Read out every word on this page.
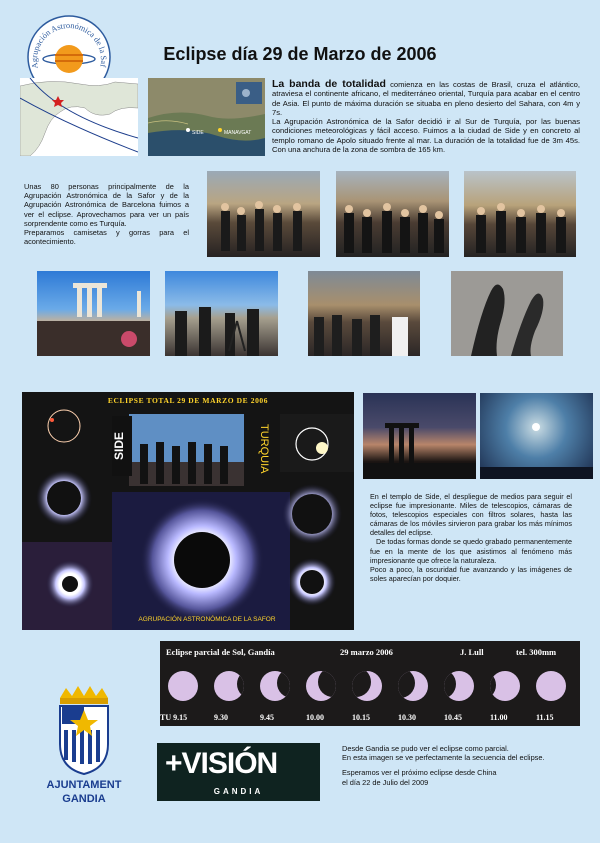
Agrupación Astronómica de la Saf
Eclipse día 29 de Marzo de 2006
SIDE	MANAVGAT
La banda de totalidad comienza en las costas de Brasil, cruza el atlántico, atraviesa el continente africano, el mediterráneo oriental, Turquía para acabar en el centro de Asia. El punto de máxima duración se situaba en pleno desierto del Sahara, con 4m y 7s.
La Agrupación Astronómica de la Safor decidió ir al Sur de Turquía, por las buenas condiciones meteorológicas y fácil acceso. Fuimos a la ciudad de Side y en concreto al templo romano de Apolo situado frente al mar. La duración de la totalidad fue de 3m 45s. Con una anchura de la zona de sombra de 165 km.
Unas 80 personas principalmente de la Agrupación Astronómica de la Safor y de la Agrupación Astronómica de Barcelona fuimos a ver el eclipse. Aprovechamos para ver un país sorprendente como es Turquía.
Preparamos camisetas y gorras para el acontecimiento.
ECLIPSE TOTAL 29 DE MARZO DE 2006
SIDE	TURQUIA
AGRUPACIÓN ASTRONÓMICA DE LA SAFOR

En el templo de Side, el despliegue de medios para seguir el eclipse fue impresionante. Miles de telescopios, cámaras de fotos, telescopios especiales con filtros solares, hasta las cámaras de los móviles sirvieron para grabar los más mínimos detalles del eclipse.

De todas formas donde se quedo grabado permanentemente fue en la mente de los que asistimos al fenómeno más impresionante que ofrece la naturaleza.

Poco a poco, la oscuridad fue avanzando y las imágenes de soles aparecían por doquier.

Eclipse parcial de Sol, Gandía	29 marzo 2006	J. Lull	tel. 300mm
TU 9.15	9.30	9.45	10.00	10.15	10.30	10.45	11.00	11.15
AJUNTAMENT
GANDIA
+VISIÓN
GANDIA

Desde Gandia se pudo ver el eclipse como parcial.
En esta imagen se ve perfectamente la secuencia del eclipse.

Esperamos ver el próximo eclipse desde China
el día 22 de Julio del 2009
